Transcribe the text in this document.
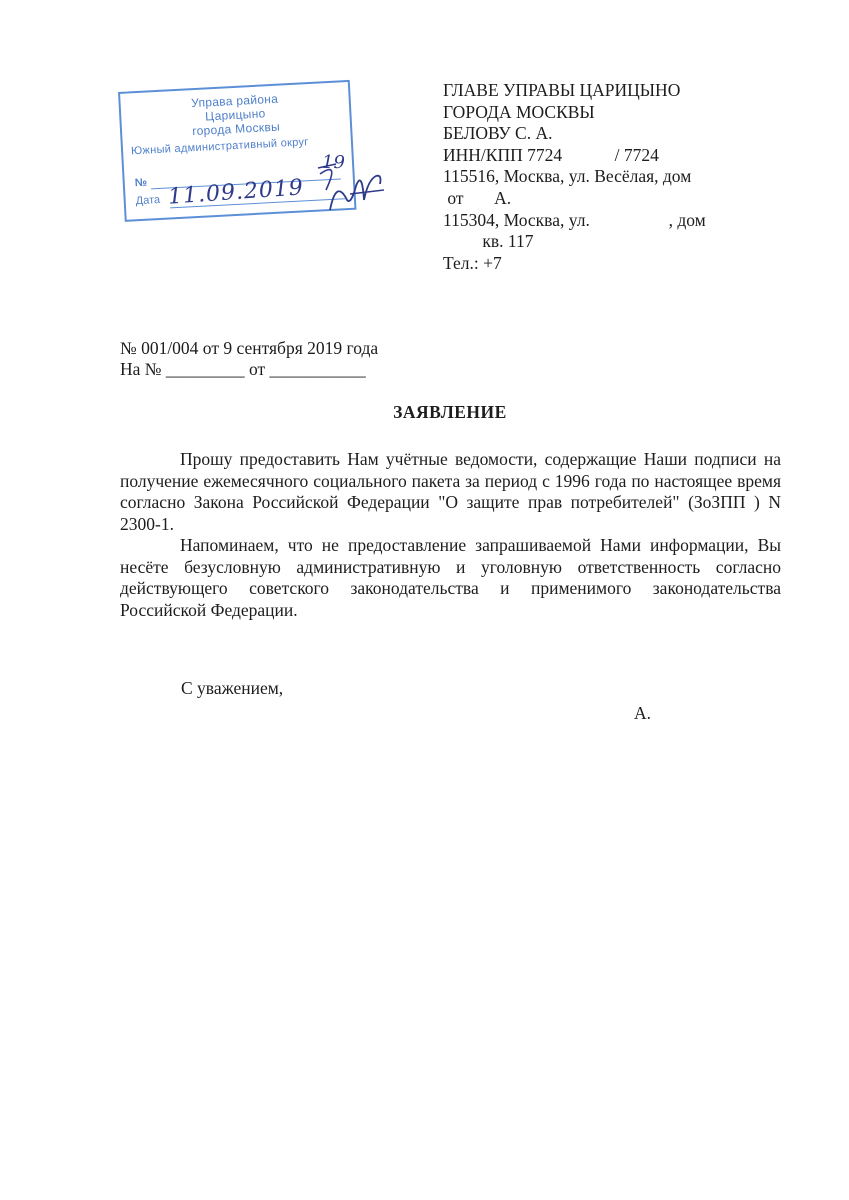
Управа района
Царицыно
города Москвы
Южный административный округ
№
Дата
19
11.09.2019
ГЛАВЕ УПРАВЫ ЦАРИЦЫНО
ГОРОДА МОСКВЫ
БЕЛОВУ С. А.
ИНН/КПП 7724            / 7724
115516, Москва, ул. Весёлая, дом
от       А.
115304, Москва, ул.                  , дом
кв. 117
Тел.: +7
№ 001/004 от 9 сентября 2019 года
На № _________ от ___________
ЗАЯВЛЕНИЕ

Прошу предоставить Нам учётные ведомости, содержащие Наши подписи на получение ежемесячного социального пакета за период с 1996 года по настоящее время согласно Закона Российской Федерации "О защите прав потребителей" (ЗоЗПП ) N 2300-1.

Напоминаем, что не предоставление запрашиваемой Нами информации, Вы несёте безусловную административную и уголовную ответственность согласно действующего советского законодательства и применимого законодательства Российской Федерации.

С уважением,
А.
